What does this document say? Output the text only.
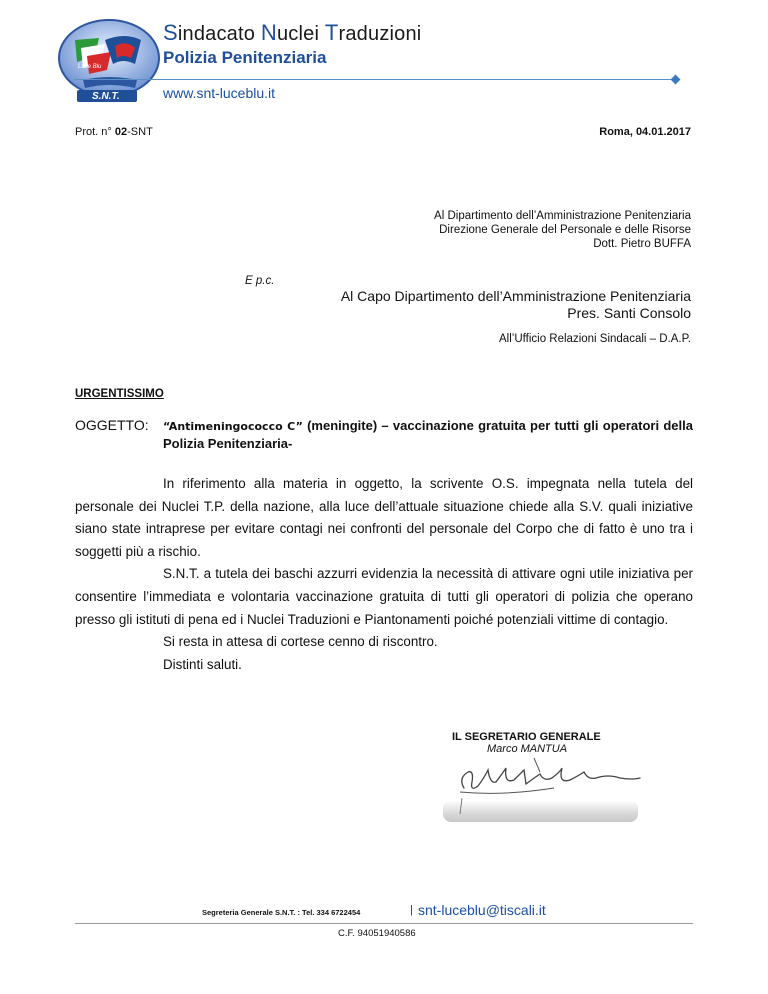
Luce Blu
S.N.T.
Sindacato Nuclei Traduzioni
Polizia Penitenziaria
www.snt-luceblu.it
Prot. n° 02-SNT	Roma, 04.01.2017
Al Dipartimento dell’Amministrazione Penitenziaria
Direzione Generale del Personale e delle Risorse
Dott. Pietro BUFFA
E p.c.
Al Capo Dipartimento dell’Amministrazione Penitenziaria
Pres. Santi Consolo
All’Ufficio Relazioni Sindacali – D.A.P.
URGENTISSIMO
OGGETTO: “Antimeningococco C” (meningite) – vaccinazione gratuita per tutti gli operatori della Polizia Penitenziaria-

In riferimento alla materia in oggetto, la scrivente O.S. impegnata nella tutela del personale dei Nuclei T.P. della nazione, alla luce dell’attuale situazione chiede alla S.V. quali iniziative siano state intraprese per evitare contagi nei confronti del personale del Corpo che di fatto è uno tra i soggetti più a rischio.

S.N.T. a tutela dei baschi azzurri evidenzia la necessità di attivare ogni utile iniziativa per consentire l’immediata e volontaria vaccinazione gratuita di tutti gli operatori di polizia che operano presso gli istituti di pena ed i Nuclei Traduzioni e Piantonamenti poiché potenziali vittime di contagio.

Si resta in attesa di cortese cenno di riscontro.

Distinti saluti.

IL SEGRETARIO GENERALE
Marco MANTUA
Segreteria Generale S.N.T. : Tel. 334 6722454	| snt-luceblu@tiscali.it
C.F. 94051940586
